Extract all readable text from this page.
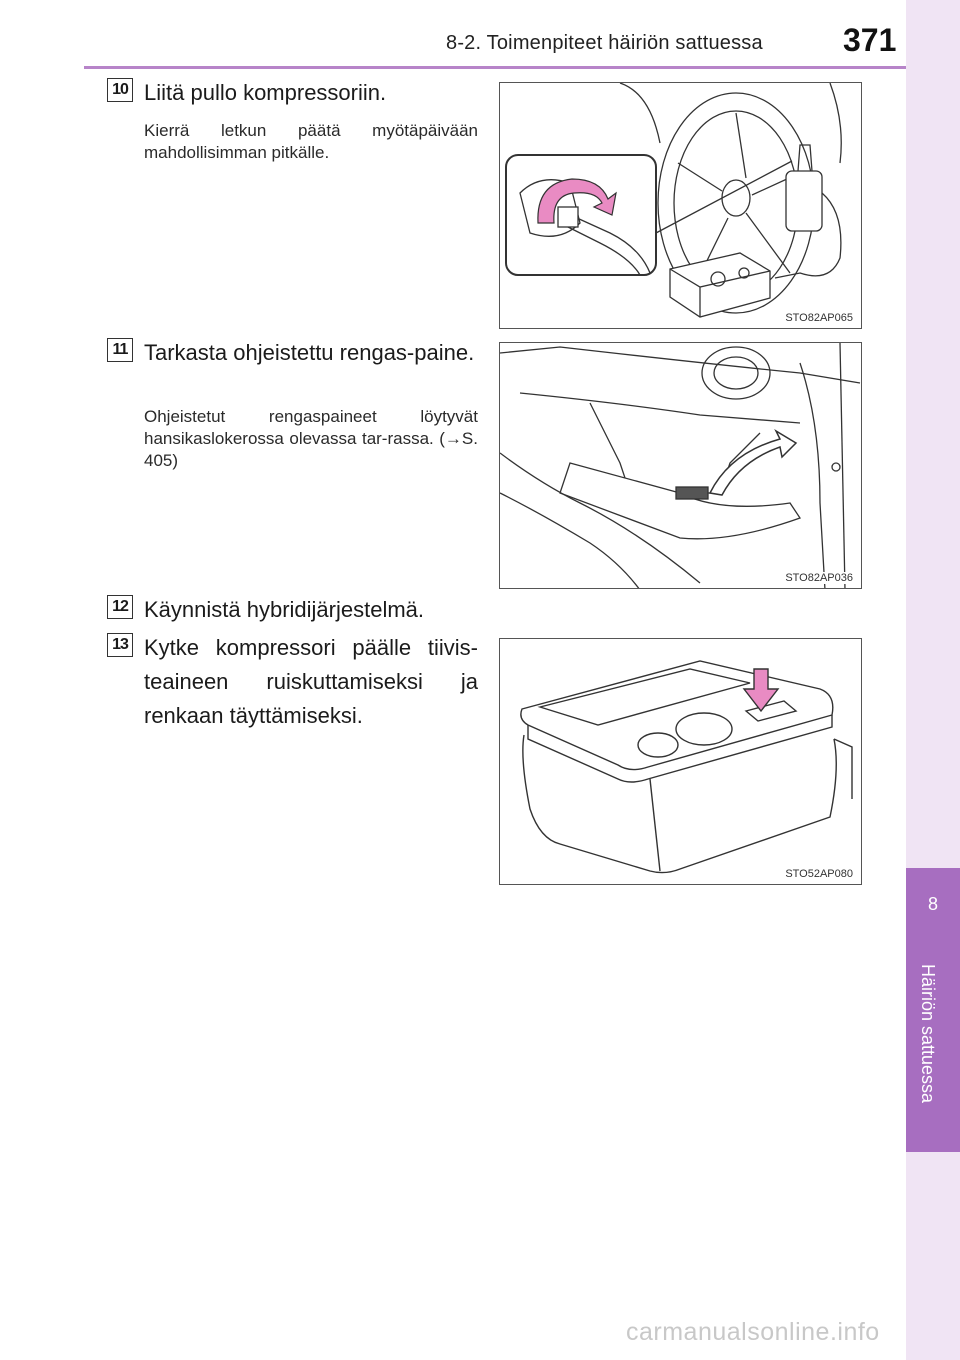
8-2. Toimenpiteet häiriön sattuessa	371
8
Häiriön sattuessa
10 Liitä pullo kompressoriin.
Kierrä letkun päätä myötäpäivään mahdollisimman pitkälle.
STO82AP065
11 Tarkasta ohjeistettu rengas-paine.
Ohjeistetut rengaspaineet löytyvät hansikaslokerossa olevassa tar-rassa. (→S. 405)
STO82AP036
12 Käynnistä hybridijärjestelmä.
13 Kytke kompressori päälle tiivis-teaineen ruiskuttamiseksi ja renkaan täyttämiseksi.
STO52AP080
carmanualsonline.info
